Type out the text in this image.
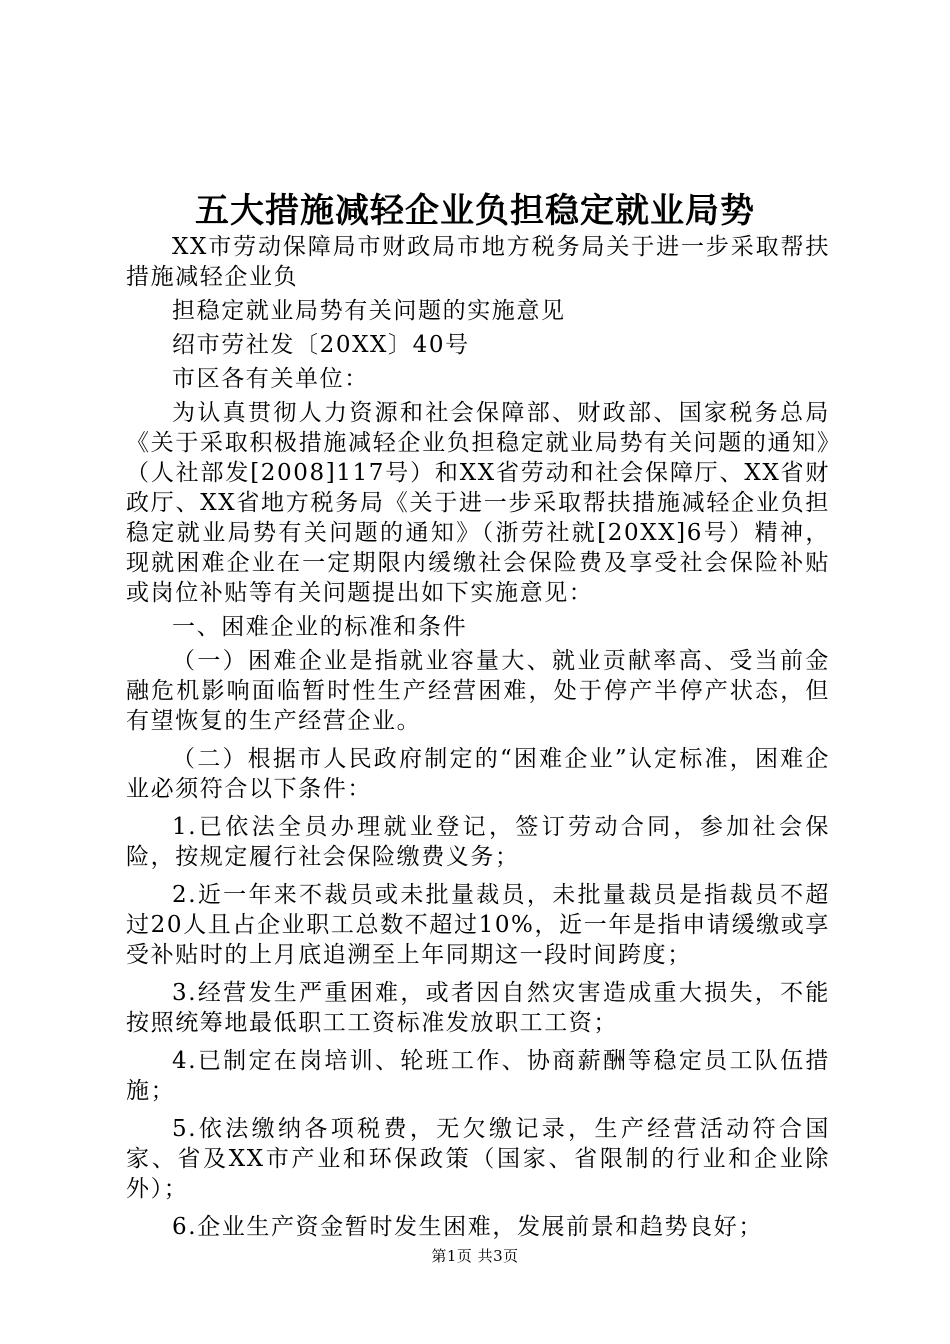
五大措施减轻企业负担稳定就业局势

XX市劳动保障局市财政局市地方税务局关于进一步采取帮扶措施减轻企业负

担稳定就业局势有关问题的实施意见

绍市劳社发〔20XX〕40号

市区各有关单位：

为认真贯彻人力资源和社会保障部、财政部、国家税务总局《关于采取积极措施减轻企业负担稳定就业局势有关问题的通知》（人社部发[2008]117号）和XX省劳动和社会保障厅、XX省财政厅、XX省地方税务局《关于进一步采取帮扶措施减轻企业负担稳定就业局势有关问题的通知》（浙劳社就[20XX]6号）精神，现就困难企业在一定期限内缓缴社会保险费及享受社会保险补贴或岗位补贴等有关问题提出如下实施意见：

一、困难企业的标准和条件

（一）困难企业是指就业容量大、就业贡献率高、受当前金融危机影响面临暂时性生产经营困难，处于停产半停产状态，但有望恢复的生产经营企业。

（二）根据市人民政府制定的“困难企业”认定标准，困难企业必须符合以下条件：

1.已依法全员办理就业登记，签订劳动合同，参加社会保险，按规定履行社会保险缴费义务；

2.近一年来不裁员或未批量裁员，未批量裁员是指裁员不超过20人且占企业职工总数不超过10%，近一年是指申请缓缴或享受补贴时的上月底追溯至上年同期这一段时间跨度；

3.经营发生严重困难，或者因自然灾害造成重大损失，不能按照统筹地最低职工工资标准发放职工工资；

4.已制定在岗培训、轮班工作、协商薪酬等稳定员工队伍措施；

5.依法缴纳各项税费，无欠缴记录，生产经营活动符合国家、省及XX市产业和环保政策（国家、省限制的行业和企业除外）；

6.企业生产资金暂时发生困难，发展前景和趋势良好；

第1页 共3页
